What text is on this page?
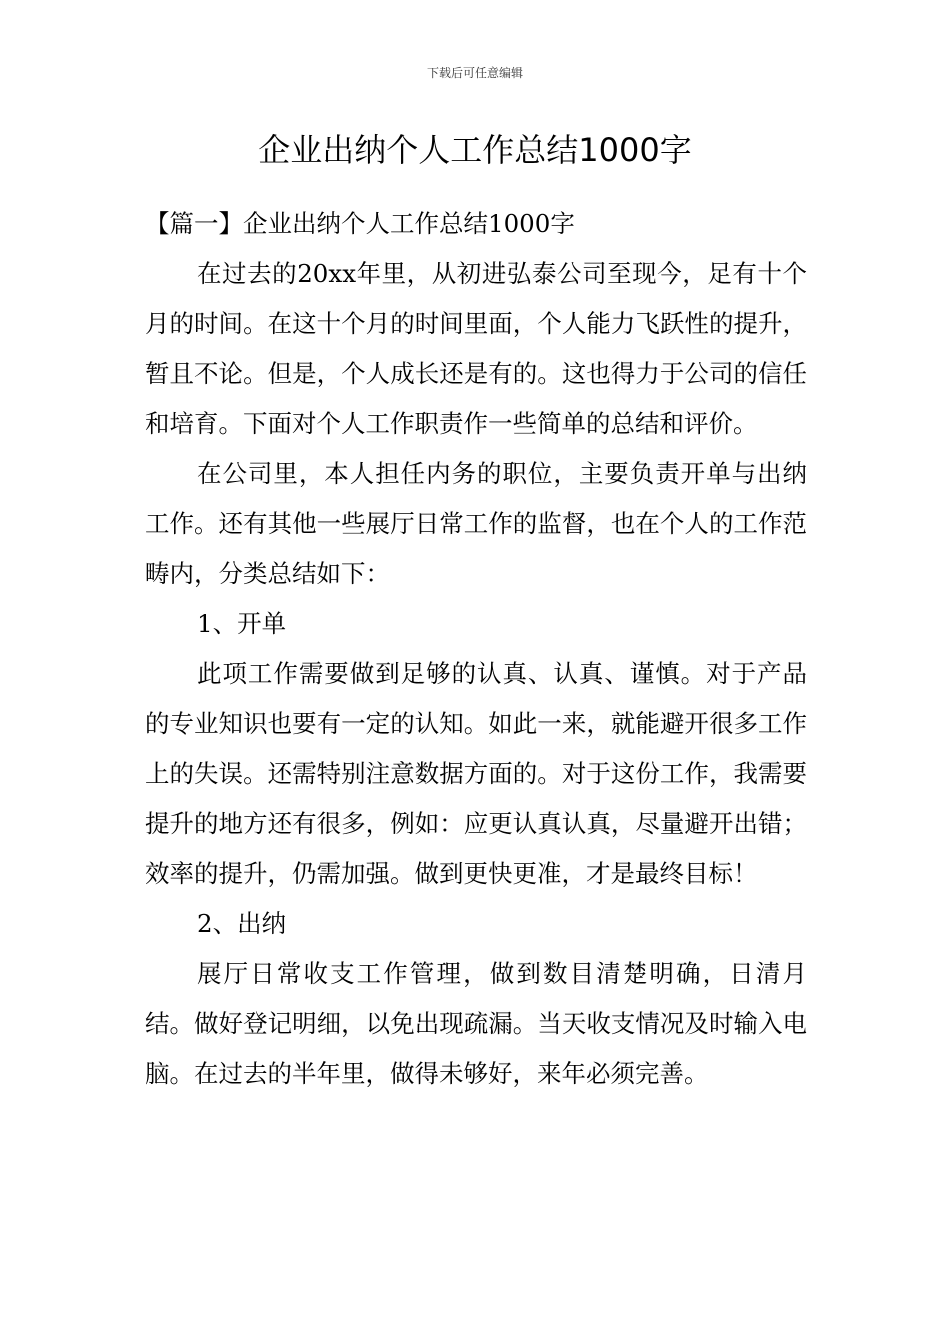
下载后可任意编辑
企业出纳个人工作总结1000字

【篇一】企业出纳个人工作总结1000字

在过去的20xx年里，从初进弘泰公司至现今，足有十个月的时间。在这十个月的时间里面，个人能力飞跃性的提升，暂且不论。但是，个人成长还是有的。这也得力于公司的信任和培育。下面对个人工作职责作一些简单的总结和评价。

在公司里，本人担任内务的职位，主要负责开单与出纳工作。还有其他一些展厅日常工作的监督，也在个人的工作范畴内，分类总结如下：

1、开单

此项工作需要做到足够的认真、认真、谨慎。对于产品的专业知识也要有一定的认知。如此一来，就能避开很多工作上的失误。还需特别注意数据方面的。对于这份工作，我需要提升的地方还有很多，例如：应更认真认真，尽量避开出错；效率的提升，仍需加强。做到更快更准，才是最终目标！

2、出纳

展厅日常收支工作管理，做到数目清楚明确，日清月结。做好登记明细，以免出现疏漏。当天收支情况及时输入电脑。在过去的半年里，做得未够好，来年必须完善。
